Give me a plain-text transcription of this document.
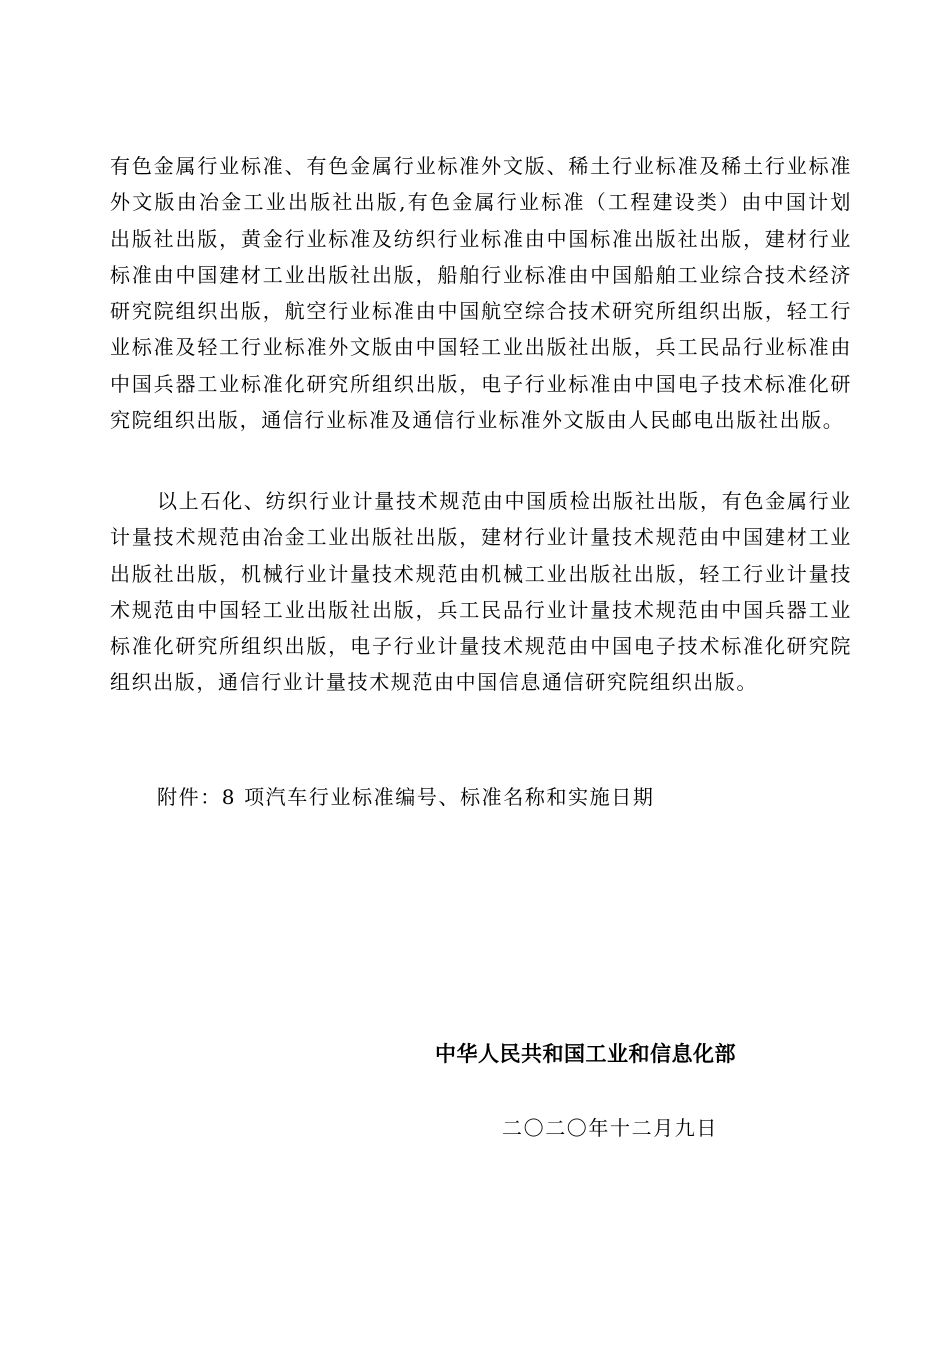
有色金属行业标准、有色金属行业标准外文版、稀土行业标准及稀土行业标准外文版由冶金工业出版社出版,有色金属行业标准（工程建设类）由中国计划出版社出版，黄金行业标准及纺织行业标准由中国标准出版社出版，建材行业标准由中国建材工业出版社出版，船舶行业标准由中国船舶工业综合技术经济研究院组织出版，航空行业标准由中国航空综合技术研究所组织出版，轻工行业标准及轻工行业标准外文版由中国轻工业出版社出版，兵工民品行业标准由中国兵器工业标准化研究所组织出版，电子行业标准由中国电子技术标准化研究院组织出版，通信行业标准及通信行业标准外文版由人民邮电出版社出版。

以上石化、纺织行业计量技术规范由中国质检出版社出版，有色金属行业计量技术规范由冶金工业出版社出版，建材行业计量技术规范由中国建材工业出版社出版，机械行业计量技术规范由机械工业出版社出版，轻工行业计量技术规范由中国轻工业出版社出版，兵工民品行业计量技术规范由中国兵器工业标准化研究所组织出版，电子行业计量技术规范由中国电子技术标准化研究院组织出版，通信行业计量技术规范由中国信息通信研究院组织出版。

附件：8 项汽车行业标准编号、标准名称和实施日期

中华人民共和国工业和信息化部

二〇二〇年十二月九日
